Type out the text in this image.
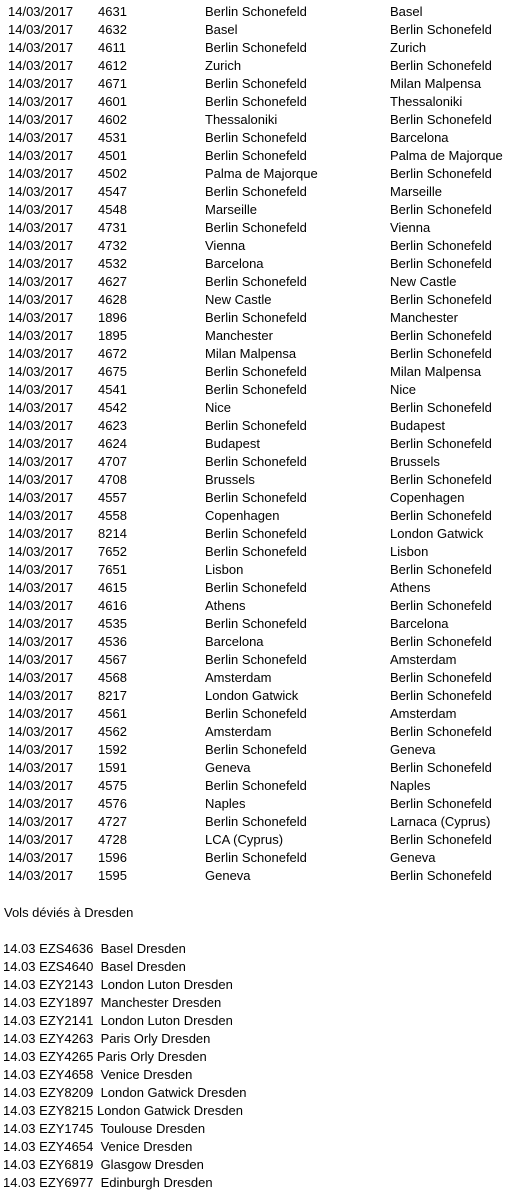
14/03/2017 4631	Berlin Schonefeld	Basel
14/03/2017 4632	Basel	Berlin Schonefeld
14/03/2017 4611	Berlin Schonefeld	Zurich
14/03/2017 4612	Zurich	Berlin Schonefeld
14/03/2017 4671	Berlin Schonefeld	Milan Malpensa
14/03/2017 4601	Berlin Schonefeld	Thessaloniki
14/03/2017 4602	Thessaloniki	Berlin Schonefeld
14/03/2017 4531	Berlin Schonefeld	Barcelona
14/03/2017 4501	Berlin Schonefeld	Palma de Majorque
14/03/2017 4502	Palma de Majorque	Berlin Schonefeld
14/03/2017 4547	Berlin Schonefeld	Marseille
14/03/2017 4548	Marseille	Berlin Schonefeld
14/03/2017 4731	Berlin Schonefeld	Vienna
14/03/2017 4732	Vienna	Berlin Schonefeld
14/03/2017 4532	Barcelona	Berlin Schonefeld
14/03/2017 4627	Berlin Schonefeld	New Castle
14/03/2017 4628	New Castle	Berlin Schonefeld
14/03/2017 1896	Berlin Schonefeld	Manchester
14/03/2017 1895	Manchester	Berlin Schonefeld
14/03/2017 4672	Milan Malpensa	Berlin Schonefeld
14/03/2017 4675	Berlin Schonefeld	Milan Malpensa
14/03/2017 4541	Berlin Schonefeld	Nice
14/03/2017 4542	Nice	Berlin Schonefeld
14/03/2017 4623	Berlin Schonefeld	Budapest
14/03/2017 4624	Budapest	Berlin Schonefeld
14/03/2017 4707	Berlin Schonefeld	Brussels
14/03/2017 4708	Brussels	Berlin Schonefeld
14/03/2017 4557	Berlin Schonefeld	Copenhagen
14/03/2017 4558	Copenhagen	Berlin Schonefeld
14/03/2017 8214	Berlin Schonefeld	London Gatwick
14/03/2017 7652	Berlin Schonefeld	Lisbon
14/03/2017 7651	Lisbon	Berlin Schonefeld
14/03/2017 4615	Berlin Schonefeld	Athens
14/03/2017 4616	Athens	Berlin Schonefeld
14/03/2017 4535	Berlin Schonefeld	Barcelona
14/03/2017 4536	Barcelona	Berlin Schonefeld
14/03/2017 4567	Berlin Schonefeld	Amsterdam
14/03/2017 4568	Amsterdam	Berlin Schonefeld
14/03/2017 8217	London Gatwick	Berlin Schonefeld
14/03/2017 4561	Berlin Schonefeld	Amsterdam
14/03/2017 4562	Amsterdam	Berlin Schonefeld
14/03/2017 1592	Berlin Schonefeld	Geneva
14/03/2017 1591	Geneva	Berlin Schonefeld
14/03/2017 4575	Berlin Schonefeld	Naples
14/03/2017 4576	Naples	Berlin Schonefeld
14/03/2017 4727	Berlin Schonefeld	Larnaca (Cyprus)
14/03/2017 4728	LCA (Cyprus)	Berlin Schonefeld
14/03/2017 1596	Berlin Schonefeld	Geneva
14/03/2017 1595	Geneva	Berlin Schonefeld
Vols déviés à Dresden
14.03 EZS4636  Basel Dresden
14.03 EZS4640  Basel Dresden
14.03 EZY2143  London Luton Dresden
14.03 EZY1897  Manchester Dresden
14.03 EZY2141  London Luton Dresden
14.03 EZY4263  Paris Orly Dresden
14.03 EZY4265 Paris Orly Dresden
14.03 EZY4658  Venice Dresden
14.03 EZY8209  London Gatwick Dresden
14.03 EZY8215 London Gatwick Dresden
14.03 EZY1745  Toulouse Dresden
14.03 EZY4654  Venice Dresden
14.03 EZY6819  Glasgow Dresden
14.03 EZY6977  Edinburgh Dresden
